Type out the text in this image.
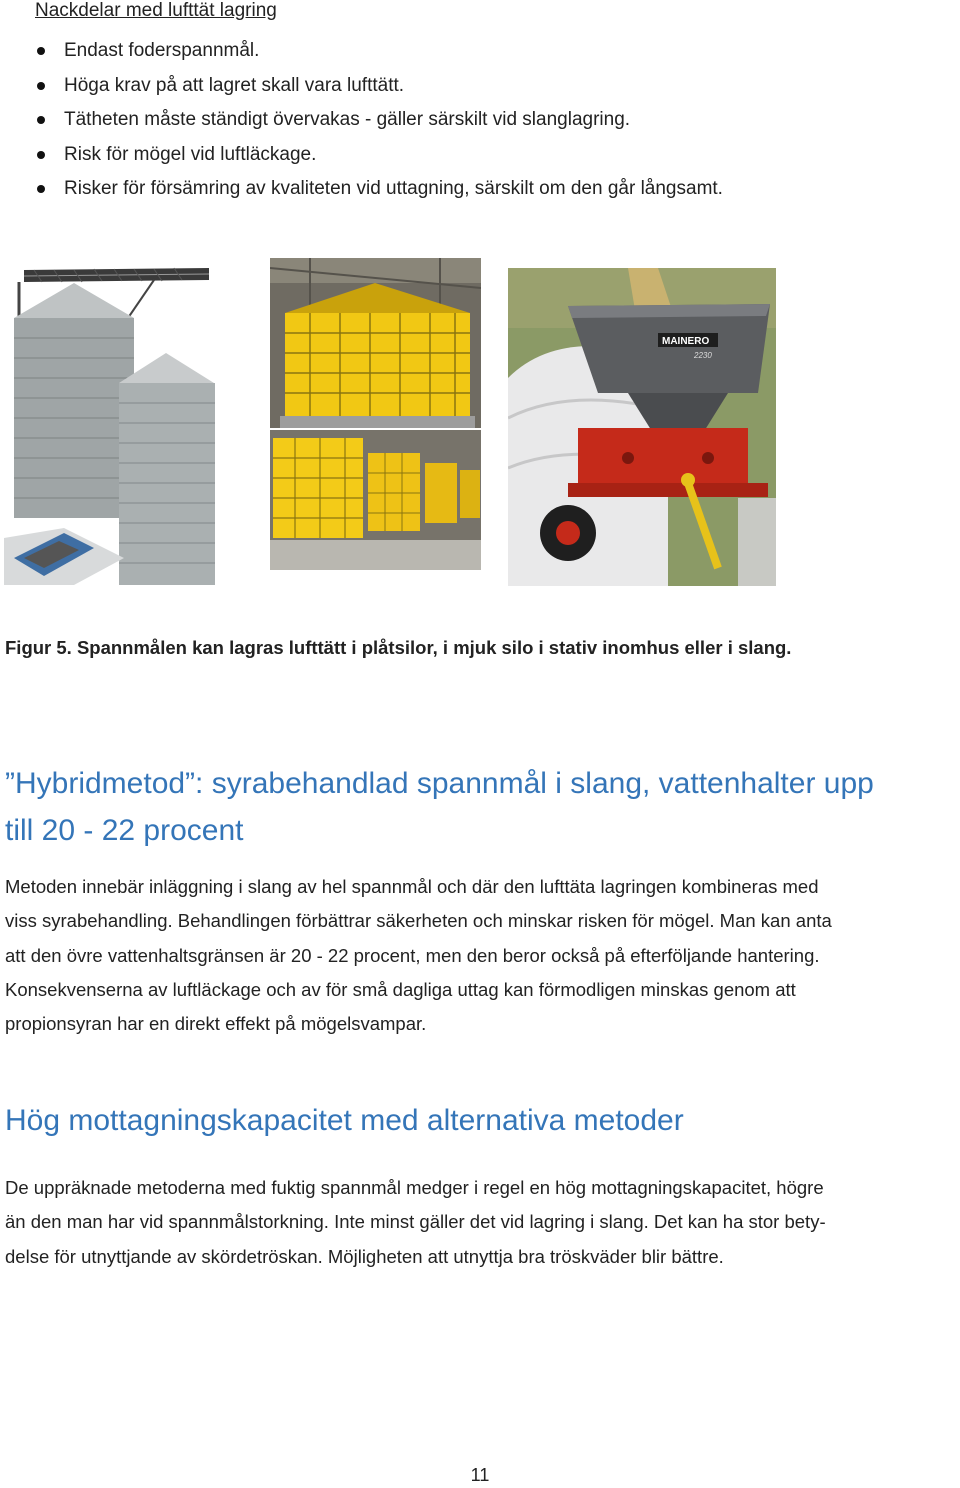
Nackdelar med lufttät lagring
Endast foderspannmål.
Höga krav på att lagret skall vara lufttätt.
Tätheten måste ständigt övervakas - gäller särskilt vid slanglagring.
Risk för mögel vid luftläckage.
Risker för försämring av kvaliteten vid uttagning, särskilt om den går långsamt.
MAINERO
2230
Figur 5. Spannmålen kan lagras lufttätt i plåtsilor, i mjuk silo i stativ inomhus eller i slang.
”Hybridmetod”: syrabehandlad spannmål i slang, vattenhalter upp
till 20 - 22 procent
Metoden innebär inläggning i slang av hel spannmål och där den lufttäta lagringen kombineras med
viss syrabehandling. Behandlingen förbättrar säkerheten och minskar risken för mögel. Man kan anta
att den övre vattenhaltsgränsen är 20 - 22 procent, men den beror också på efterföljande hantering.
Konsekvenserna av luftläckage och av för små dagliga uttag kan förmodligen minskas genom att
propionsyran har en direkt effekt på mögelsvampar.
Hög mottagningskapacitet med alternativa metoder
De uppräknade metoderna med fuktig spannmål medger i regel en hög mottagningskapacitet, högre
än den man har vid spannmålstorkning. Inte minst gäller det vid lagring i slang. Det kan ha stor bety-
delse för utnyttjande av skördetröskan. Möjligheten att utnyttja bra tröskväder blir bättre.
11
